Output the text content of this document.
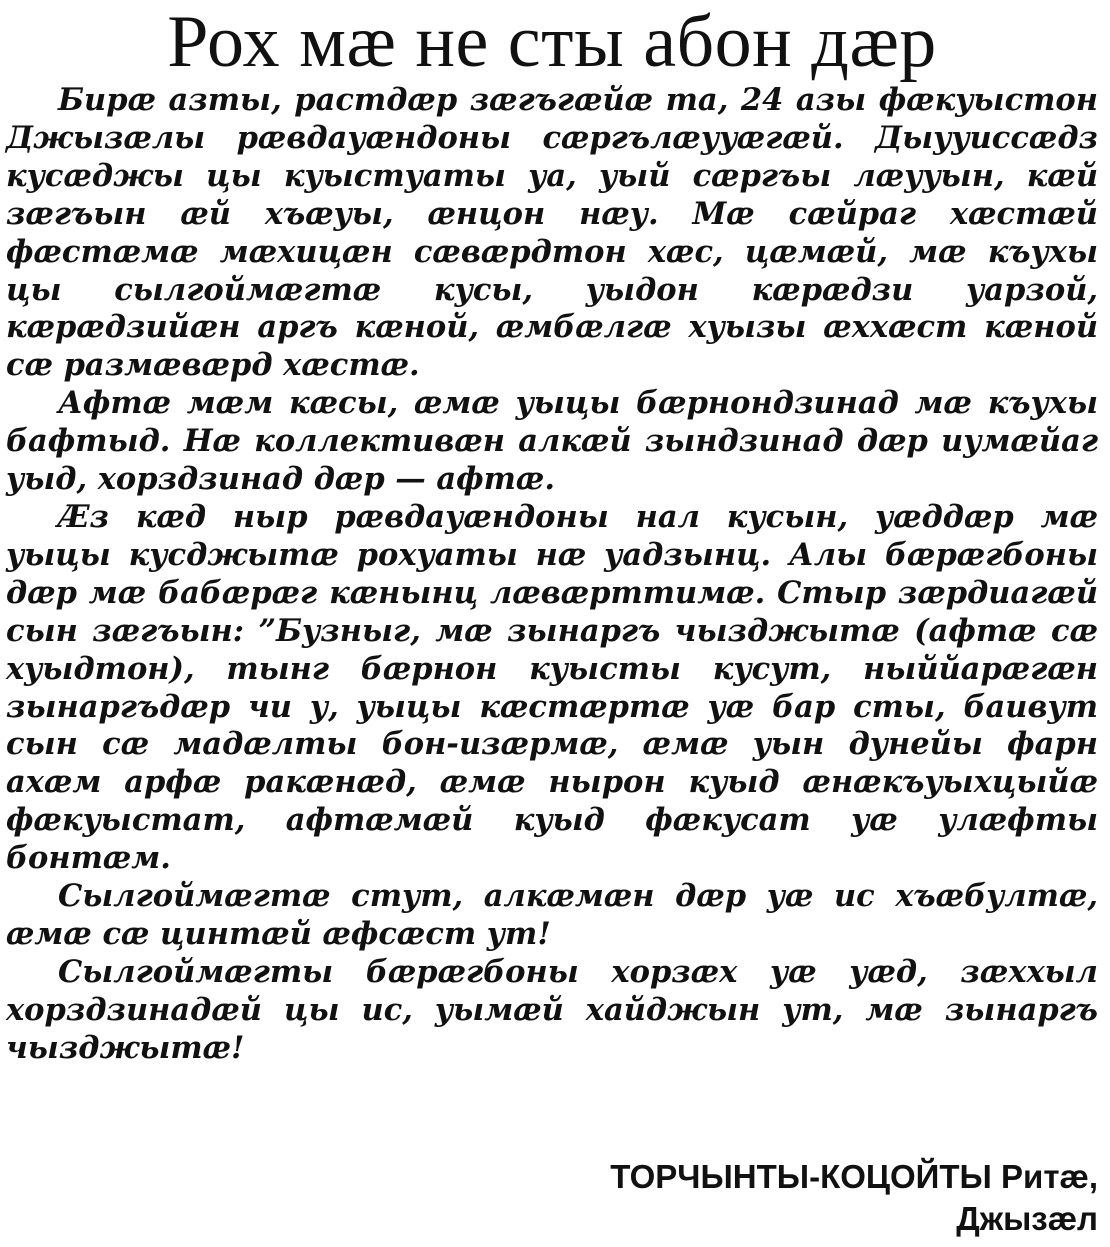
Рох мæ не сты абон дæр

Бирæ азты, растдæр зæгъгæйæ та, 24 азы фæкуыстон Джызæлы рæвдауæндоны сæргълæуyæгæй. Дыууиссæдз кусæджы цы куыстуаты уа, уый сæргъы лæууын, кæй зæгъын æй хъæуы, æнцон нæу. Мæ сæйраг хæстæй фæстæмæ мæхицæн сæвæрдтон хæс, цæмæй, мæ къухы цы сылгоймæгтæ кусы, уыдон кæрæдзи уарзой, кæрæдзийæн аргъ кæной, æмбæлгæ хуызы æххæст кæной сæ размæвæрд хæстæ.

Афтæ мæм кæсы, æмæ уыцы бæрнондзинад мæ къухы бафтыд. Нæ коллективæн алкæй зындзинад дæр иумæйаг уыд, хорздзинад дæр — афтæ.

Æз кæд ныр рæвдауæндоны нал кусын, уæддæр мæ уыцы кусджытæ рохуаты нæ уадзынц. Алы бæрæгбоны дæр мæ бабæрæг кæнынц лæвæрттимæ. Стыр зæрдиагæй сын зæгъын: ”Бузныг, мæ зынаргъ чызджытæ (афтæ сæ хуыдтон), тынг бæрнон куысты кусут, ныййарæгæн зынаргъдæр чи у, уыцы кæстæртæ уæ бар сты, баивут сын сæ мадæлты бон-изæрмæ, æмæ уын дунейы фарн ахæм арфæ ракæнæд, æмæ нырон куыд æнæкъуыхцыйæ фæкуыстат, афтæмæй куыд фæкусат уæ улæфты бонтæм.

Сылгоймæгтæ стут, алкæмæн дæр уæ ис хъæбултæ, æмæ сæ цинтæй æфсæст ут!

Сылгоймæгты бæрæгбоны хорзæх уæ уæд, зæххыл хорздзинадæй цы ис, уымæй хайджын ут, мæ зынаргъ чызджытæ!

ТОРЧЫНТЫ-КОЦОЙТЫ Ритæ,
Джызæл
